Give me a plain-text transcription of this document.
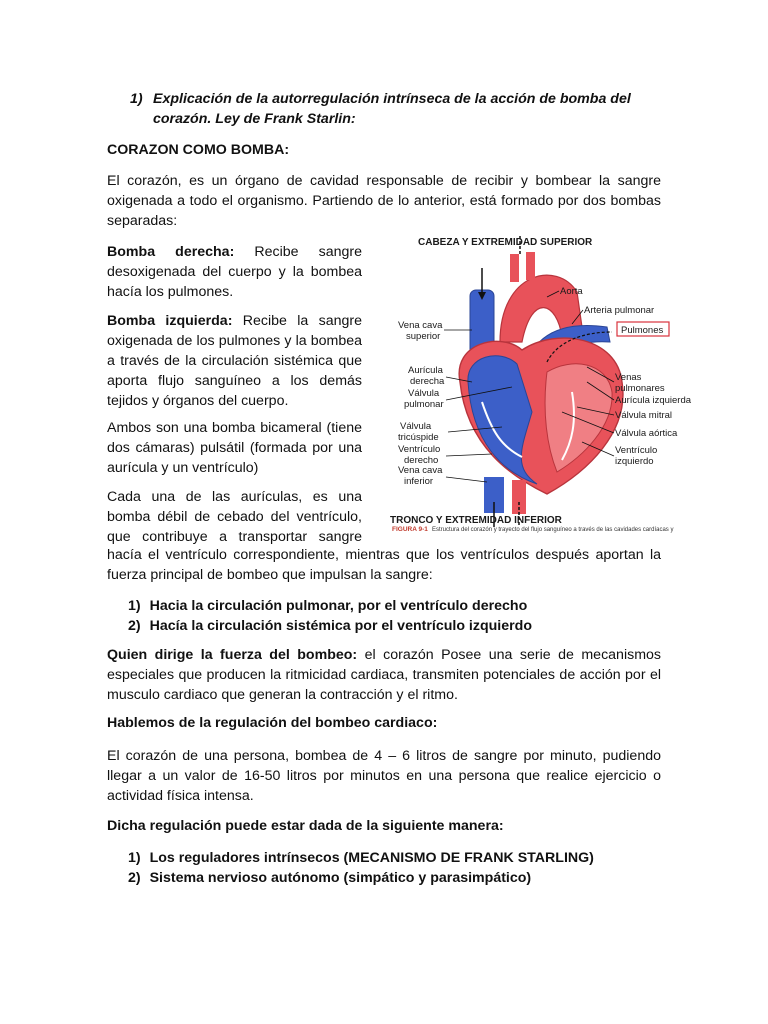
1) Explicación de la autorregulación intrínseca de la acción de bomba del
corazón. Ley de Frank Starlin:
CORAZON COMO BOMBA:

El corazón, es un órgano de cavidad responsable de recibir y bombear la sangre oxigenada a todo el organismo. Partiendo de lo anterior, está formado por dos bombas separadas:

Bomba derecha: Recibe sangre desoxigenada del cuerpo y la bombea hacía los pulmones.

Bomba izquierda: Recibe la sangre oxigenada de los pulmones y la bombea a través de la circulación sistémica que aporta flujo sanguíneo a los demás tejidos y órganos del cuerpo.

Ambos son una bomba bicameral (tiene dos cámaras) pulsátil (formada por una aurícula y un ventrículo)

Cada una de las aurículas, es una bomba débil de cebado del ventrículo, que contribuye a transportar sangre

hacía el ventrículo correspondiente, mientras que los ventrículos después aportan la fuerza principal de bombeo que impulsan la sangre:

CABEZA Y EXTREMIDAD SUPERIOR
TRONCO Y EXTREMIDAD INFERIOR
Aorta
Arteria pulmonar
Pulmones
Venas
pulmonares
Aurícula izquierda
Válvula mitral
Válvula aórtica
Ventrículo
izquierdo
Vena cava
superior
Aurícula
derecha
Válvula
pulmonar
Válvula
tricúspide
Ventrículo
derecho
Vena cava
inferior
FIGURA 9-1 Estructura del corazón y trayecto del flujo sanguíneo a través de las cavidades cardíacas y
1) Hacia la circulación pulmonar, por el ventrículo derecho
2) Hacía la circulación sistémica por el ventrículo izquierdo

Quien dirige la fuerza del bombeo: el corazón Posee una serie de mecanismos especiales que producen la ritmicidad cardiaca, transmiten potenciales de acción por el musculo cardiaco que generan la contracción y el ritmo.

Hablemos de la regulación del bombeo cardiaco:

El corazón de una persona, bombea de 4 – 6 litros de sangre por minuto, pudiendo llegar a un valor de 16-50 litros por minutos en una persona que realice ejercicio o actividad física intensa.

Dicha regulación puede estar dada de la siguiente manera:
1) Los reguladores intrínsecos (MECANISMO DE FRANK STARLING)
2) Sistema nervioso autónomo (simpático y parasimpático)
